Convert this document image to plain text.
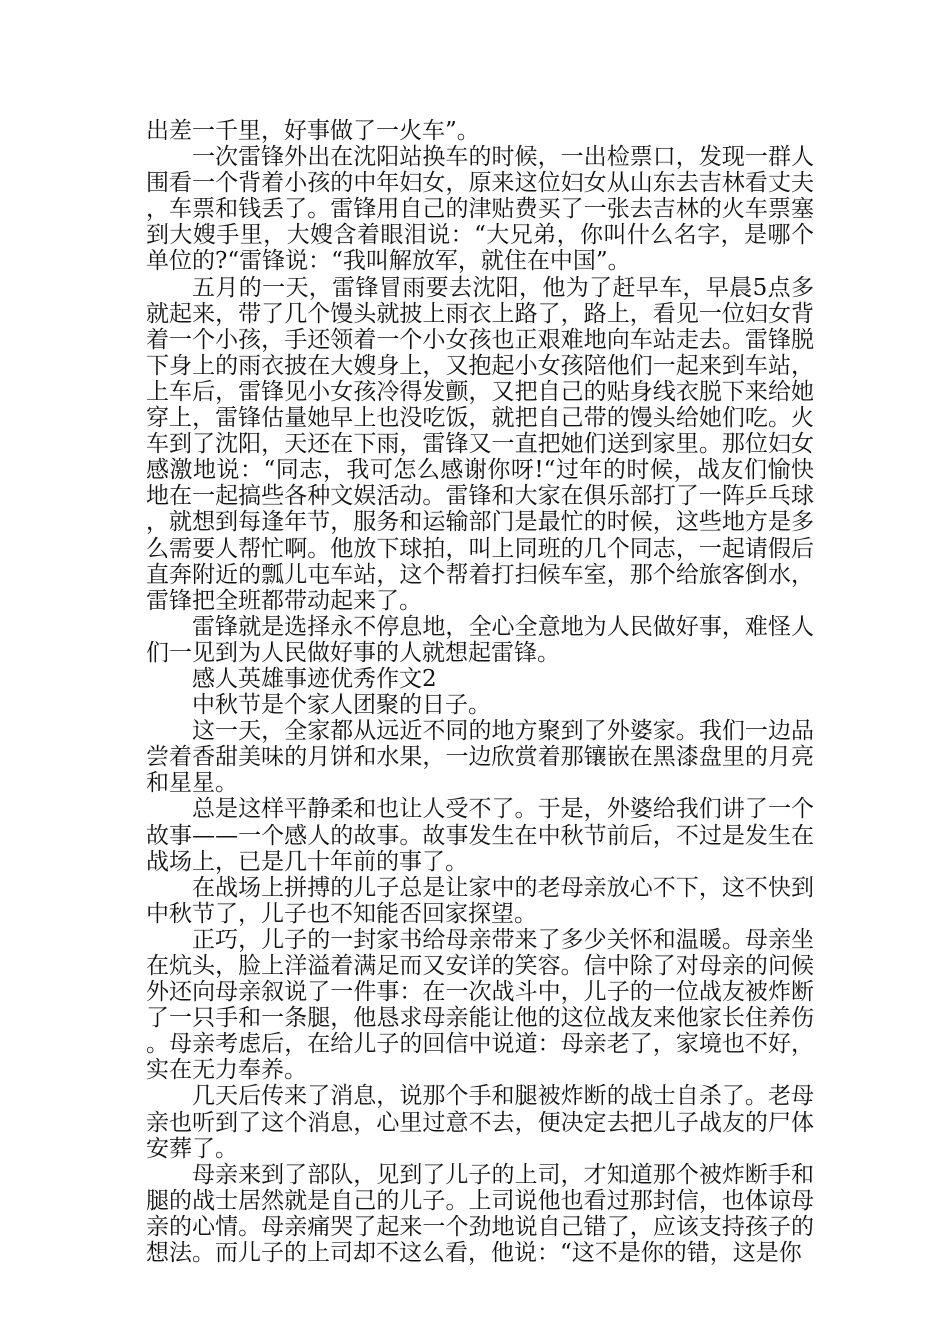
出差一千里，好事做了一火车”。

一次雷锋外出在沈阳站换车的时候，一出检票口，发现一群人围看一个背着小孩的中年妇女，原来这位妇女从山东去吉林看丈夫，车票和钱丢了。雷锋用自己的津贴费买了一张去吉林的火车票塞到大嫂手里，大嫂含着眼泪说：“大兄弟，你叫什么名字，是哪个单位的?“雷锋说：“我叫解放军，就住在中国”。

五月的一天，雷锋冒雨要去沈阳，他为了赶早车，早晨5点多就起来，带了几个馒头就披上雨衣上路了，路上，看见一位妇女背着一个小孩，手还领着一个小女孩也正艰难地向车站走去。雷锋脱下身上的雨衣披在大嫂身上，又抱起小女孩陪他们一起来到车站，上车后，雷锋见小女孩冷得发颤，又把自己的贴身线衣脱下来给她穿上，雷锋估量她早上也没吃饭，就把自己带的馒头给她们吃。火车到了沈阳，天还在下雨，雷锋又一直把她们送到家里。那位妇女感激地说：“同志，我可怎么感谢你呀!“过年的时候，战友们愉快地在一起搞些各种文娱活动。雷锋和大家在俱乐部打了一阵乒乓球，就想到每逢年节，服务和运输部门是最忙的时候，这些地方是多么需要人帮忙啊。他放下球拍，叫上同班的几个同志，一起请假后直奔附近的瓢儿屯车站，这个帮着打扫候车室，那个给旅客倒水，雷锋把全班都带动起来了。

雷锋就是选择永不停息地，全心全意地为人民做好事，难怪人们一见到为人民做好事的人就想起雷锋。

感人英雄事迹优秀作文2

中秋节是个家人团聚的日子。

这一天，全家都从远近不同的地方聚到了外婆家。我们一边品尝着香甜美味的月饼和水果，一边欣赏着那镶嵌在黑漆盘里的月亮和星星。

总是这样平静柔和也让人受不了。于是，外婆给我们讲了一个故事——一个感人的故事。故事发生在中秋节前后，不过是发生在战场上，已是几十年前的事了。

在战场上拼搏的儿子总是让家中的老母亲放心不下，这不快到中秋节了，儿子也不知能否回家探望。

正巧，儿子的一封家书给母亲带来了多少关怀和温暖。母亲坐在炕头，脸上洋溢着满足而又安详的笑容。信中除了对母亲的问候外还向母亲叙说了一件事：在一次战斗中，儿子的一位战友被炸断了一只手和一条腿，他恳求母亲能让他的这位战友来他家长住养伤。母亲考虑后，在给儿子的回信中说道：母亲老了，家境也不好，实在无力奉养。

几天后传来了消息，说那个手和腿被炸断的战士自杀了。老母亲也听到了这个消息，心里过意不去，便决定去把儿子战友的尸体安葬了。

母亲来到了部队，见到了儿子的上司，才知道那个被炸断手和腿的战士居然就是自己的儿子。上司说他也看过那封信，也体谅母亲的心情。母亲痛哭了起来一个劲地说自己错了，应该支持孩子的想法。而儿子的上司却不这么看，他说：“这不是你的错，这是你
